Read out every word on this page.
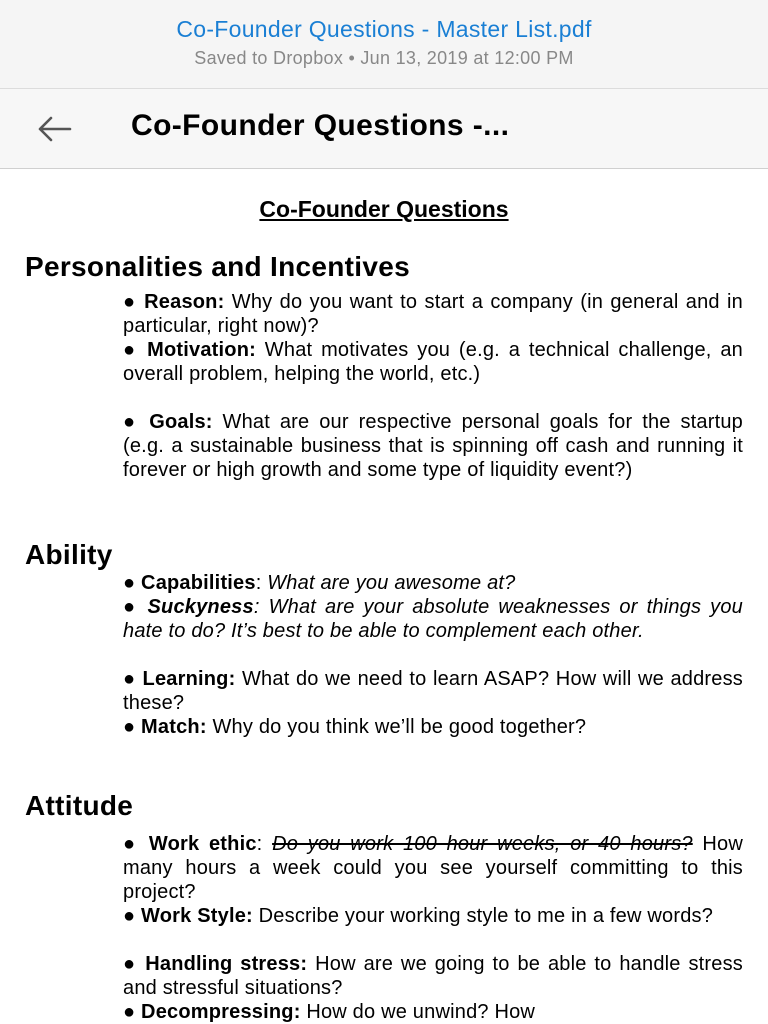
Co-Founder Questions - Master List.pdf
Saved to Dropbox • Jun 13, 2019 at 12:00 PM
Co-Founder Questions -...
Co-Founder Questions
Personalities and Incentives
● Reason: Why do you want to start a company (in general and in particular, right now)?
● Motivation: What motivates you (e.g. a technical challenge, an overall problem, helping the world, etc.)
● Goals: What are our respective personal goals for the startup (e.g. a sustainable business that is spinning off cash and running it forever or high growth and some type of liquidity event?)
Ability
● Capabilities: What are you awesome at?
● Suckyness: What are your absolute weaknesses or things you hate to do? It’s best to be able to complement each other.
● Learning: What do we need to learn ASAP? How will we address these?
● Match: Why do you think we’ll be good together?
Attitude
● Work ethic: Do you work 100 hour weeks, or 40 hours? How many hours a week could you see yourself committing to this project?
● Work Style: Describe your working style to me in a few words?
● Handling stress: How are we going to be able to handle stress and stressful situations?
● Decompressing: How do we unwind? How
